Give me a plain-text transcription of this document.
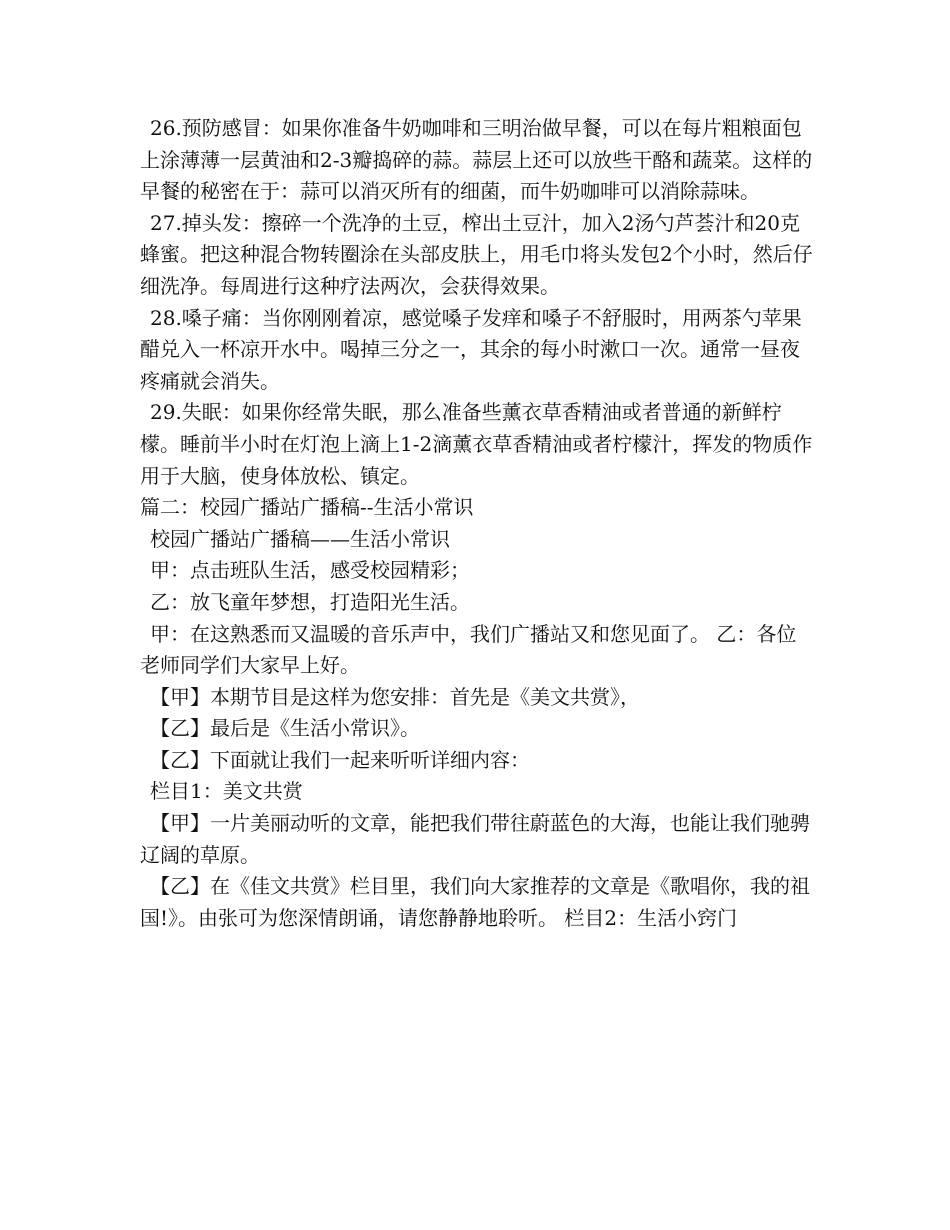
26.预防感冒：如果你准备牛奶咖啡和三明治做早餐，可以在每片粗粮面包上涂薄薄一层黄油和2-3瓣捣碎的蒜。蒜层上还可以放些干酪和蔬菜。这样的早餐的秘密在于：蒜可以消灭所有的细菌，而牛奶咖啡可以消除蒜味。

27.掉头发：擦碎一个洗净的土豆，榨出土豆汁，加入2汤勺芦荟汁和20克蜂蜜。把这种混合物转圈涂在头部皮肤上，用毛巾将头发包2个小时，然后仔细洗净。每周进行这种疗法两次，会获得效果。

28.嗓子痛：当你刚刚着凉，感觉嗓子发痒和嗓子不舒服时，用两茶勺苹果醋兑入一杯凉开水中。喝掉三分之一，其余的每小时漱口一次。通常一昼夜疼痛就会消失。

29.失眠：如果你经常失眠，那么准备些薰衣草香精油或者普通的新鲜柠檬。睡前半小时在灯泡上滴上1-2滴薰衣草香精油或者柠檬汁，挥发的物质作用于大脑，使身体放松、镇定。

篇二：校园广播站广播稿--生活小常识

校园广播站广播稿——生活小常识

甲：点击班队生活，感受校园精彩；

乙：放飞童年梦想，打造阳光生活。

甲：在这熟悉而又温暖的音乐声中，我们广播站又和您见面了。 乙：各位老师同学们大家早上好。

【甲】本期节目是这样为您安排：首先是《美文共赏》，

【乙】最后是《生活小常识》。

【乙】下面就让我们一起来听听详细内容：

栏目1：美文共赏

【甲】一片美丽动听的文章，能把我们带往蔚蓝色的大海，也能让我们驰骋辽阔的草原。

【乙】在《佳文共赏》栏目里，我们向大家推荐的文章是《歌唱你，我的祖国!》。由张可为您深情朗诵，请您静静地聆听。 栏目2：生活小窍门
